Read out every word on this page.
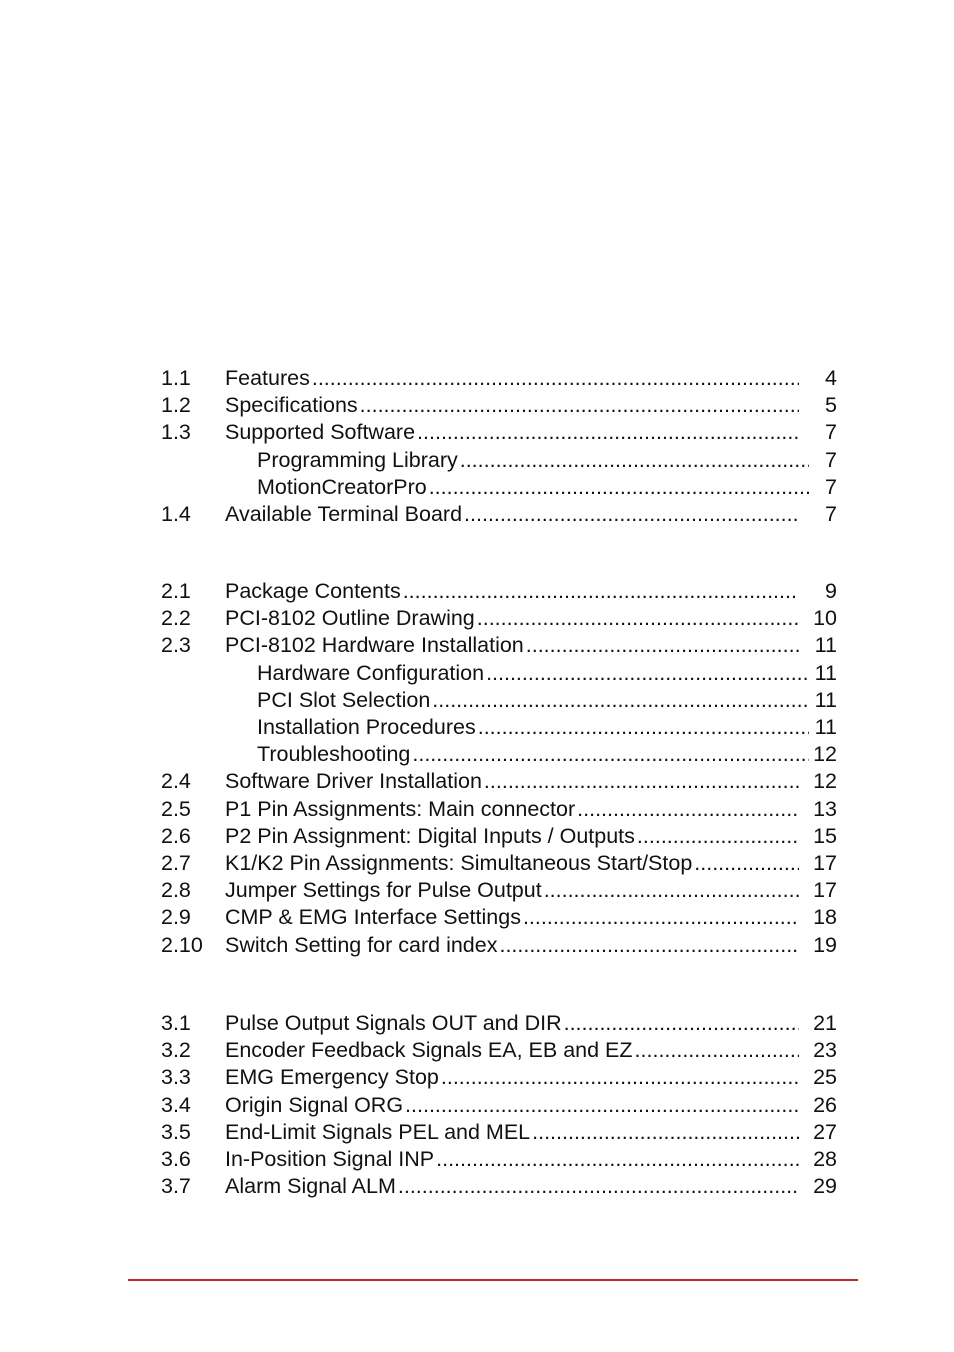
1.1	Features .....	4
1.2	Specifications .....	5
1.3	Supported Software .....	7
Programming Library .....	7
MotionCreatorPro .....	7
1.4	Available Terminal Board .....	7
2.1	Package Contents .....	9
2.2	PCI-8102 Outline Drawing .....	10
2.3	PCI-8102 Hardware Installation .....	11
Hardware Configuration .....	11
PCI Slot Selection .....	11
Installation Procedures .....	11
Troubleshooting .....	12
2.4	Software Driver Installation .....	12
2.5	P1 Pin Assignments: Main connector .....	13
2.6	P2 Pin Assignment: Digital Inputs / Outputs .....	15
2.7	K1/K2 Pin Assignments: Simultaneous Start/Stop .....	17
2.8	Jumper Settings for Pulse Output .....	17
2.9	CMP & EMG Interface Settings .....	18
2.10	Switch Setting for card index .....	19
3.1	Pulse Output Signals OUT and DIR .....	21
3.2	Encoder Feedback Signals EA, EB and EZ .....	23
3.3	EMG Emergency Stop .....	25
3.4	Origin Signal ORG .....	26
3.5	End-Limit Signals PEL and MEL .....	27
3.6	In-Position Signal INP .....	28
3.7	Alarm Signal ALM .....	29
